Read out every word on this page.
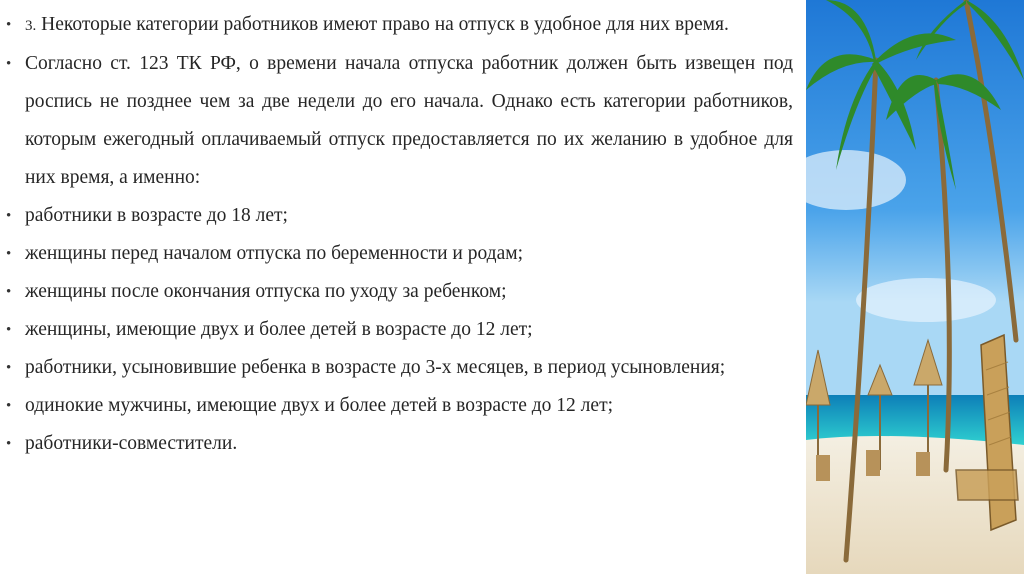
• 3. Некоторые категории работников имеют право на отпуск в удобное для них время.
• Согласно ст. 123 ТК РФ, о времени начала отпуска работник должен быть извещен под роспись не позднее чем за две недели до его начала. Однако есть категории работников, которым ежегодный оплачиваемый отпуск предоставляется по их желанию в удобное для них время, а именно:
• работники в возрасте до 18 лет;
• женщины перед началом отпуска по беременности и родам;
• женщины после окончания отпуска по уходу за ребенком;
• женщины, имеющие двух и более детей в возрасте до 12 лет;
• работники, усыновившие ребенка в возрасте до 3-х месяцев, в период усыновления;
• одинокие мужчины, имеющие двух и более детей в возрасте до 12 лет;
• работники-совместители.
